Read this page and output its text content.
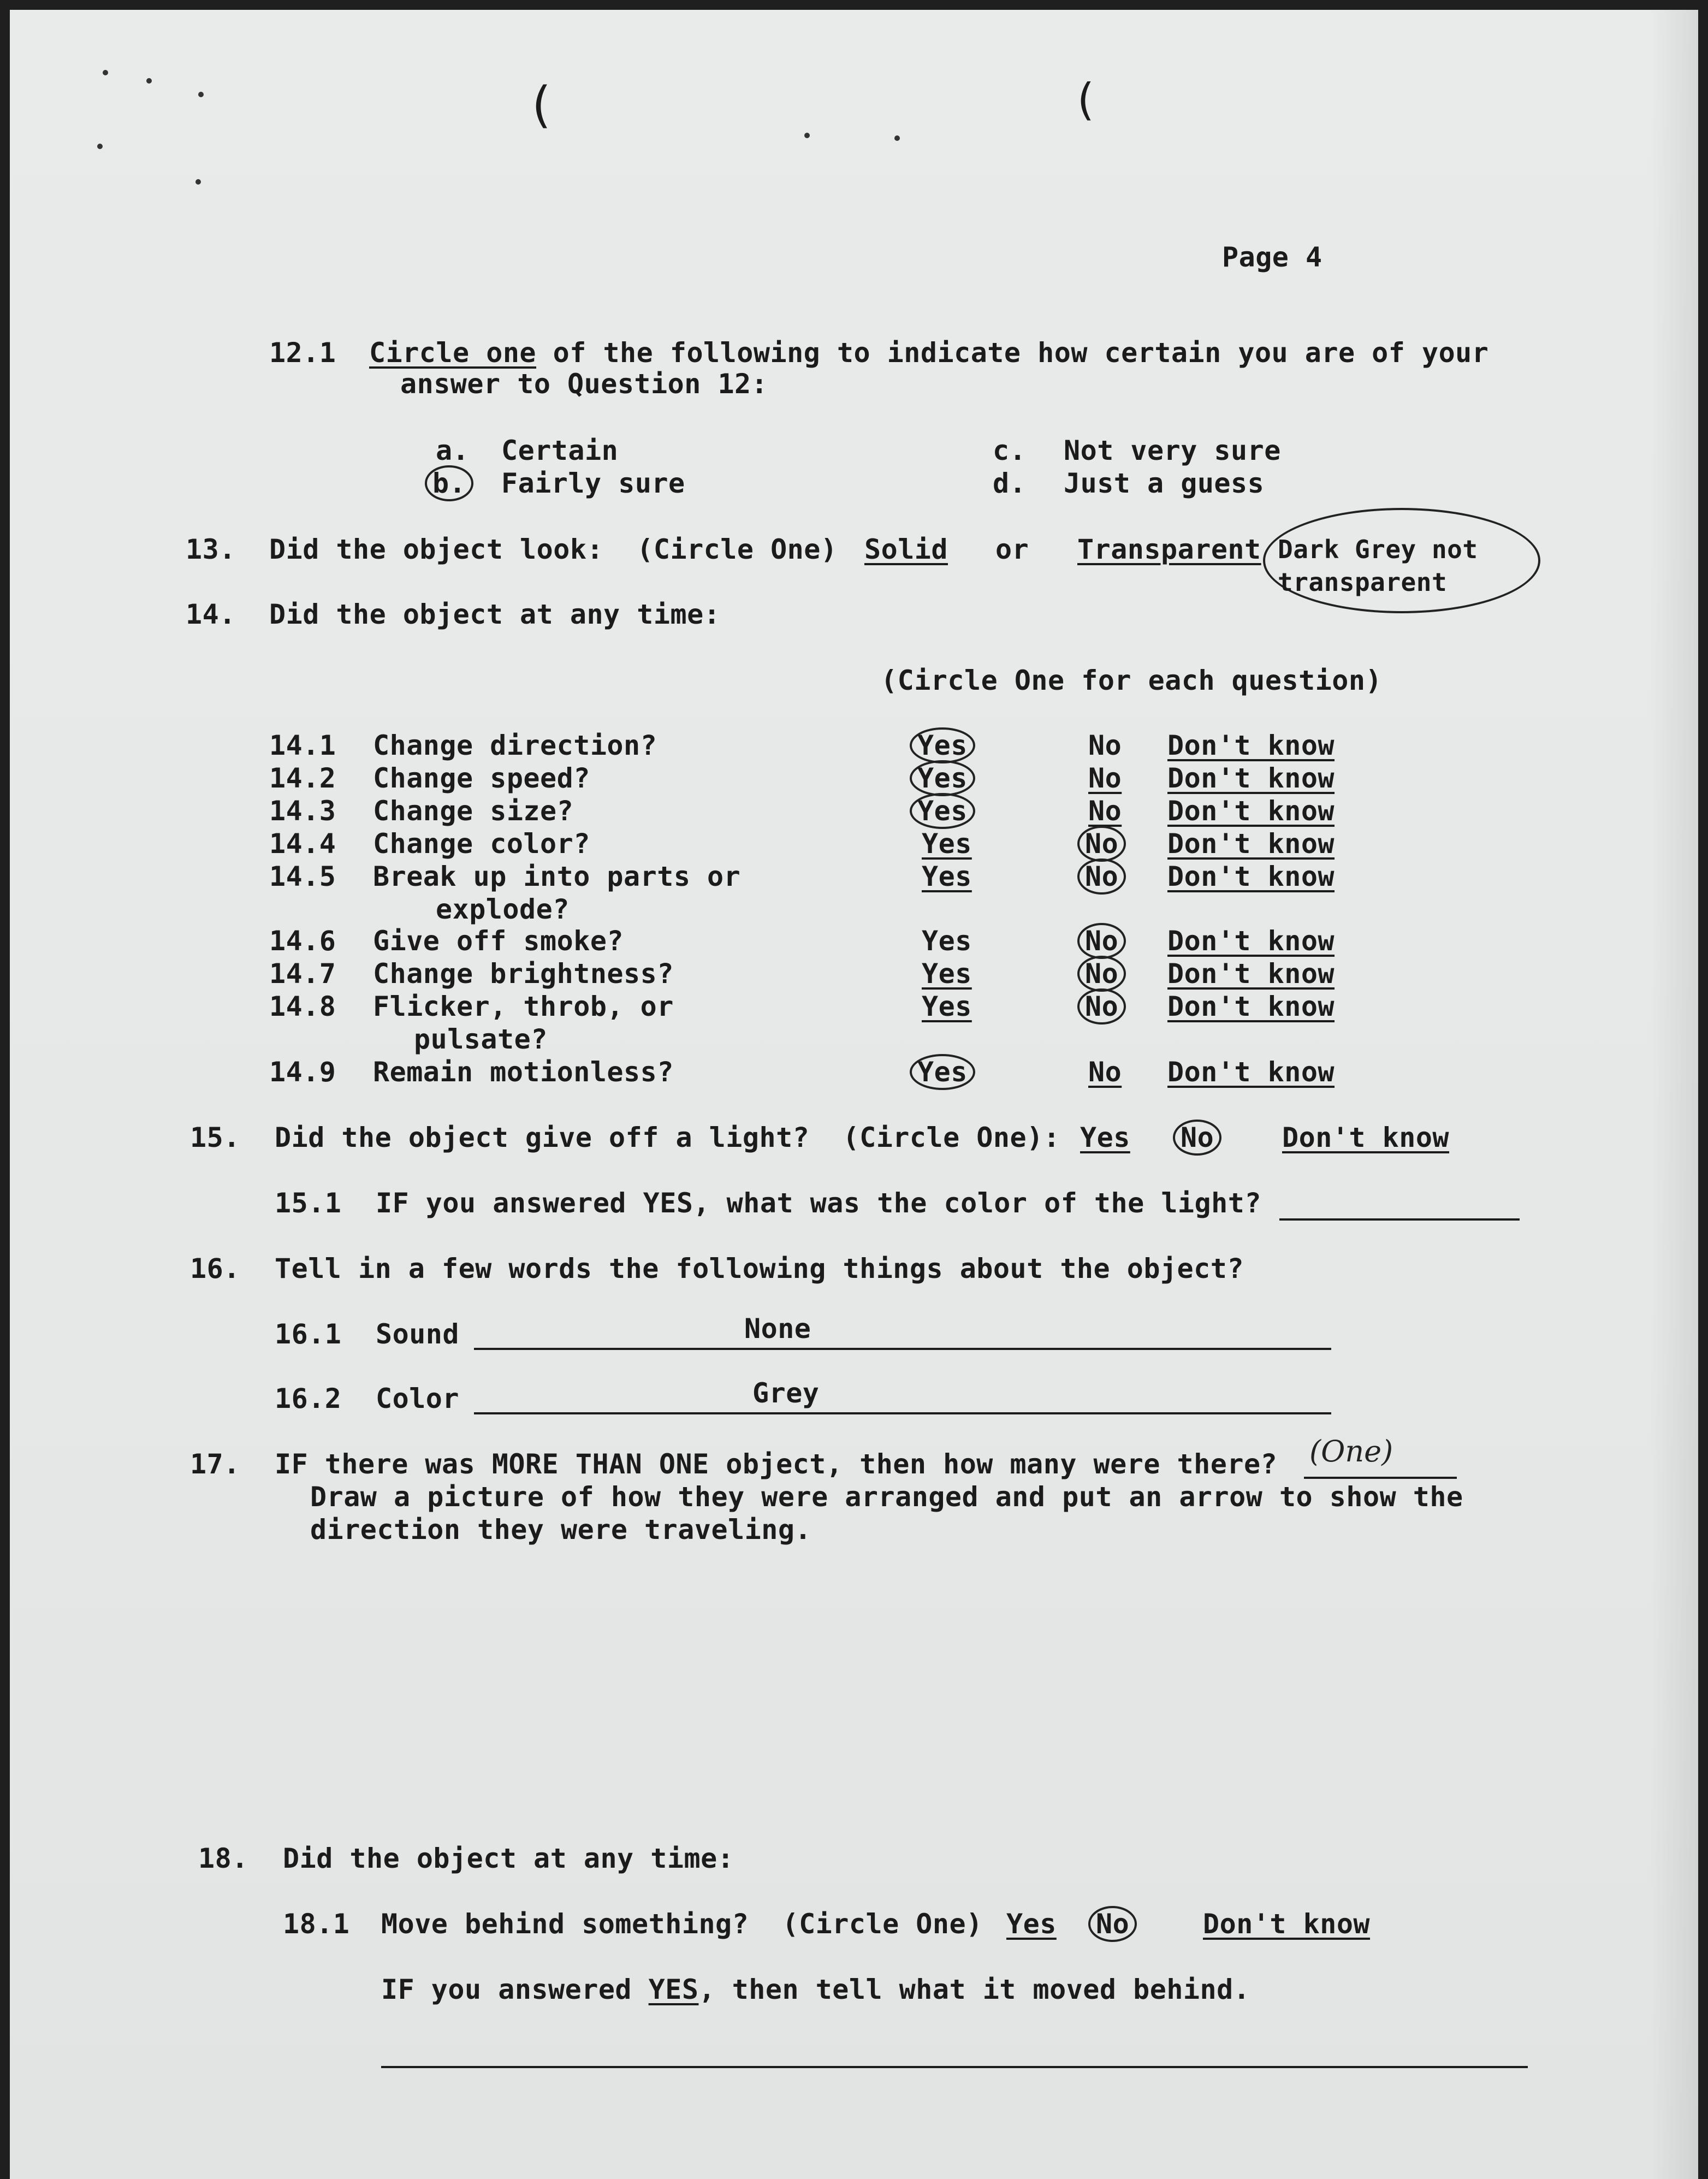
(	(
Page 4
12.1 Circle one of the following to indicate how certain you are of your
answer to Question 12:
a. Certain
b. Fairly sure
c. Not very sure
d. Just a guess
13. Did the object look:  (Circle One) Solid or Transparent Dark Grey not
transparent
14. Did the object at any time:
(Circle One for each question)
14.1 Change direction?	Yes	No Don't know
14.2 Change speed?	Yes	No Don't know
14.3 Change size?	Yes	No Don't know
14.4 Change color?	Yes	No Don't know
14.5 Break up into parts or
explode?
Yes	No Don't know
14.6 Give off smoke?	Yes	No Don't know
14.7 Change brightness?	Yes	No Don't know
14.8 Flicker, throb, or
pulsate?
Yes	No Don't know
14.9 Remain motionless?	Yes	No Don't know
15. Did the object give off a light?  (Circle One): Yes No Don't know
15.1 IF you answered YES, what was the color of the light?
16. Tell in a few words the following things about the object?
16.1 Sound	None
16.2 Color	Grey
17. IF there was MORE THAN ONE object, then how many were there? (One)
Draw a picture of how they were arranged and put an arrow to show the
direction they were traveling.
18. Did the object at any time:
18.1 Move behind something?  (Circle One) Yes No	Don't know
IF you answered YES, then tell what it moved behind.
